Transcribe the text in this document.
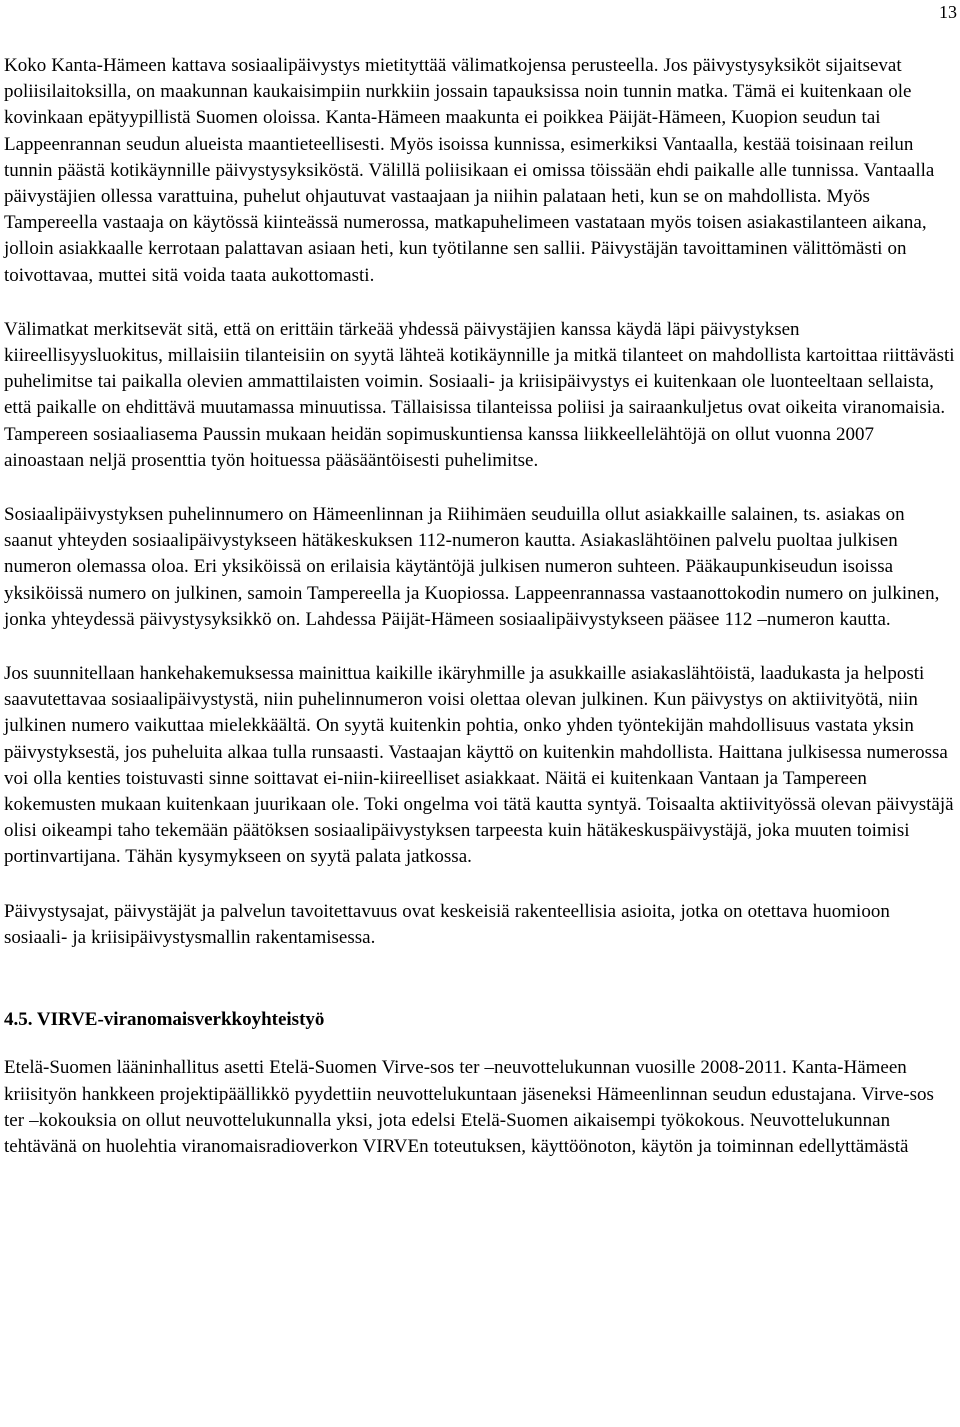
13

Koko Kanta-Hämeen kattava sosiaalipäivystys mietityttää välimatkojensa perusteella. Jos päivystysyksiköt sijaitsevat poliisilaitoksilla, on maakunnan kaukaisimpiin nurkkiin jossain tapauksissa noin tunnin matka. Tämä ei kuitenkaan ole kovinkaan epätyypillistä Suomen oloissa. Kanta-Hämeen maakunta ei poikkea Päijät-Hämeen, Kuopion seudun tai Lappeenrannan seudun alueista maantieteellisesti. Myös isoissa kunnissa, esimerkiksi Vantaalla, kestää toisinaan reilun tunnin päästä kotikäynnille päivystysyksiköstä. Välillä poliisikaan ei omissa töissään ehdi paikalle alle tunnissa. Vantaalla päivystäjien ollessa varattuina, puhelut ohjautuvat vastaajaan ja niihin palataan heti, kun se on mahdollista. Myös Tampereella vastaaja on käytössä kiinteässä numerossa, matkapuhelimeen vastataan myös toisen asiakastilanteen aikana, jolloin asiakkaalle kerrotaan palattavan asiaan heti, kun työtilanne sen sallii. Päivystäjän tavoittaminen välittömästi on toivottavaa, muttei sitä voida taata aukottomasti.

Välimatkat merkitsevät sitä, että on erittäin tärkeää yhdessä päivystäjien kanssa käydä läpi päivystyksen kiireellisyysluokitus, millaisiin tilanteisiin on syytä lähteä kotikäynnille ja mitkä tilanteet on mahdollista kartoittaa riittävästi puhelimitse tai paikalla olevien ammattilaisten voimin. Sosiaali- ja kriisipäivystys ei kuitenkaan ole luonteeltaan sellaista, että paikalle on ehdittävä muutamassa minuutissa. Tällaisissa tilanteissa poliisi ja sairaankuljetus ovat oikeita viranomaisia. Tampereen sosiaaliasema Paussin mukaan heidän sopimuskuntiensa kanssa liikkeellelähtöjä on ollut vuonna 2007 ainoastaan neljä prosenttia työn hoituessa pääsääntöisesti puhelimitse.

Sosiaalipäivystyksen puhelinnumero on Hämeenlinnan ja Riihimäen seuduilla ollut asiakkaille salainen, ts. asiakas on saanut yhteyden sosiaalipäivystykseen hätäkeskuksen 112-numeron kautta. Asiakaslähtöinen palvelu puoltaa julkisen numeron olemassa oloa. Eri yksiköissä on erilaisia käytäntöjä julkisen numeron suhteen. Pääkaupunkiseudun isoissa yksiköissä numero on julkinen, samoin Tampereella ja Kuopiossa. Lappeenrannassa vastaanottokodin numero on julkinen, jonka yhteydessä päivystysyksikkö on. Lahdessa Päijät-Hämeen sosiaalipäivystykseen pääsee 112 –numeron kautta.

Jos suunnitellaan hankehakemuksessa mainittua kaikille ikäryhmille ja asukkaille asiakaslähtöistä, laadukasta ja helposti saavutettavaa sosiaalipäivystystä, niin puhelinnumeron voisi olettaa olevan julkinen. Kun päivystys on aktiivityötä, niin julkinen numero vaikuttaa mielekkäältä. On syytä kuitenkin pohtia, onko yhden työntekijän mahdollisuus vastata yksin päivystyksestä, jos puheluita alkaa tulla runsaasti. Vastaajan käyttö on kuitenkin mahdollista. Haittana julkisessa numerossa voi olla kenties toistuvasti sinne soittavat ei-niin-kiireelliset asiakkaat. Näitä ei kuitenkaan Vantaan ja Tampereen kokemusten mukaan kuitenkaan juurikaan ole. Toki ongelma voi tätä kautta syntyä. Toisaalta aktiivityössä olevan päivystäjä olisi oikeampi taho tekemään päätöksen sosiaalipäivystyksen tarpeesta kuin hätäkeskuspäivystäjä, joka muuten toimisi portinvartijana. Tähän kysymykseen on syytä palata jatkossa.

Päivystysajat, päivystäjät ja palvelun tavoitettavuus ovat keskeisiä rakenteellisia asioita, jotka on otettava huomioon sosiaali- ja kriisipäivystysmallin rakentamisessa.

4.5. VIRVE-viranomaisverkkoyhteistyö

Etelä-Suomen lääninhallitus asetti Etelä-Suomen Virve-sos ter –neuvottelukunnan vuosille 2008-2011. Kanta-Hämeen kriisityön hankkeen projektipäällikkö pyydettiin neuvottelukuntaan jäseneksi Hämeenlinnan seudun edustajana. Virve-sos ter –kokouksia on ollut neuvottelukunnalla yksi, jota edelsi Etelä-Suomen aikaisempi työkokous. Neuvottelukunnan tehtävänä on huolehtia viranomaisradioverkon VIRVEn toteutuksen, käyttöönoton, käytön ja toiminnan edellyttämästä
